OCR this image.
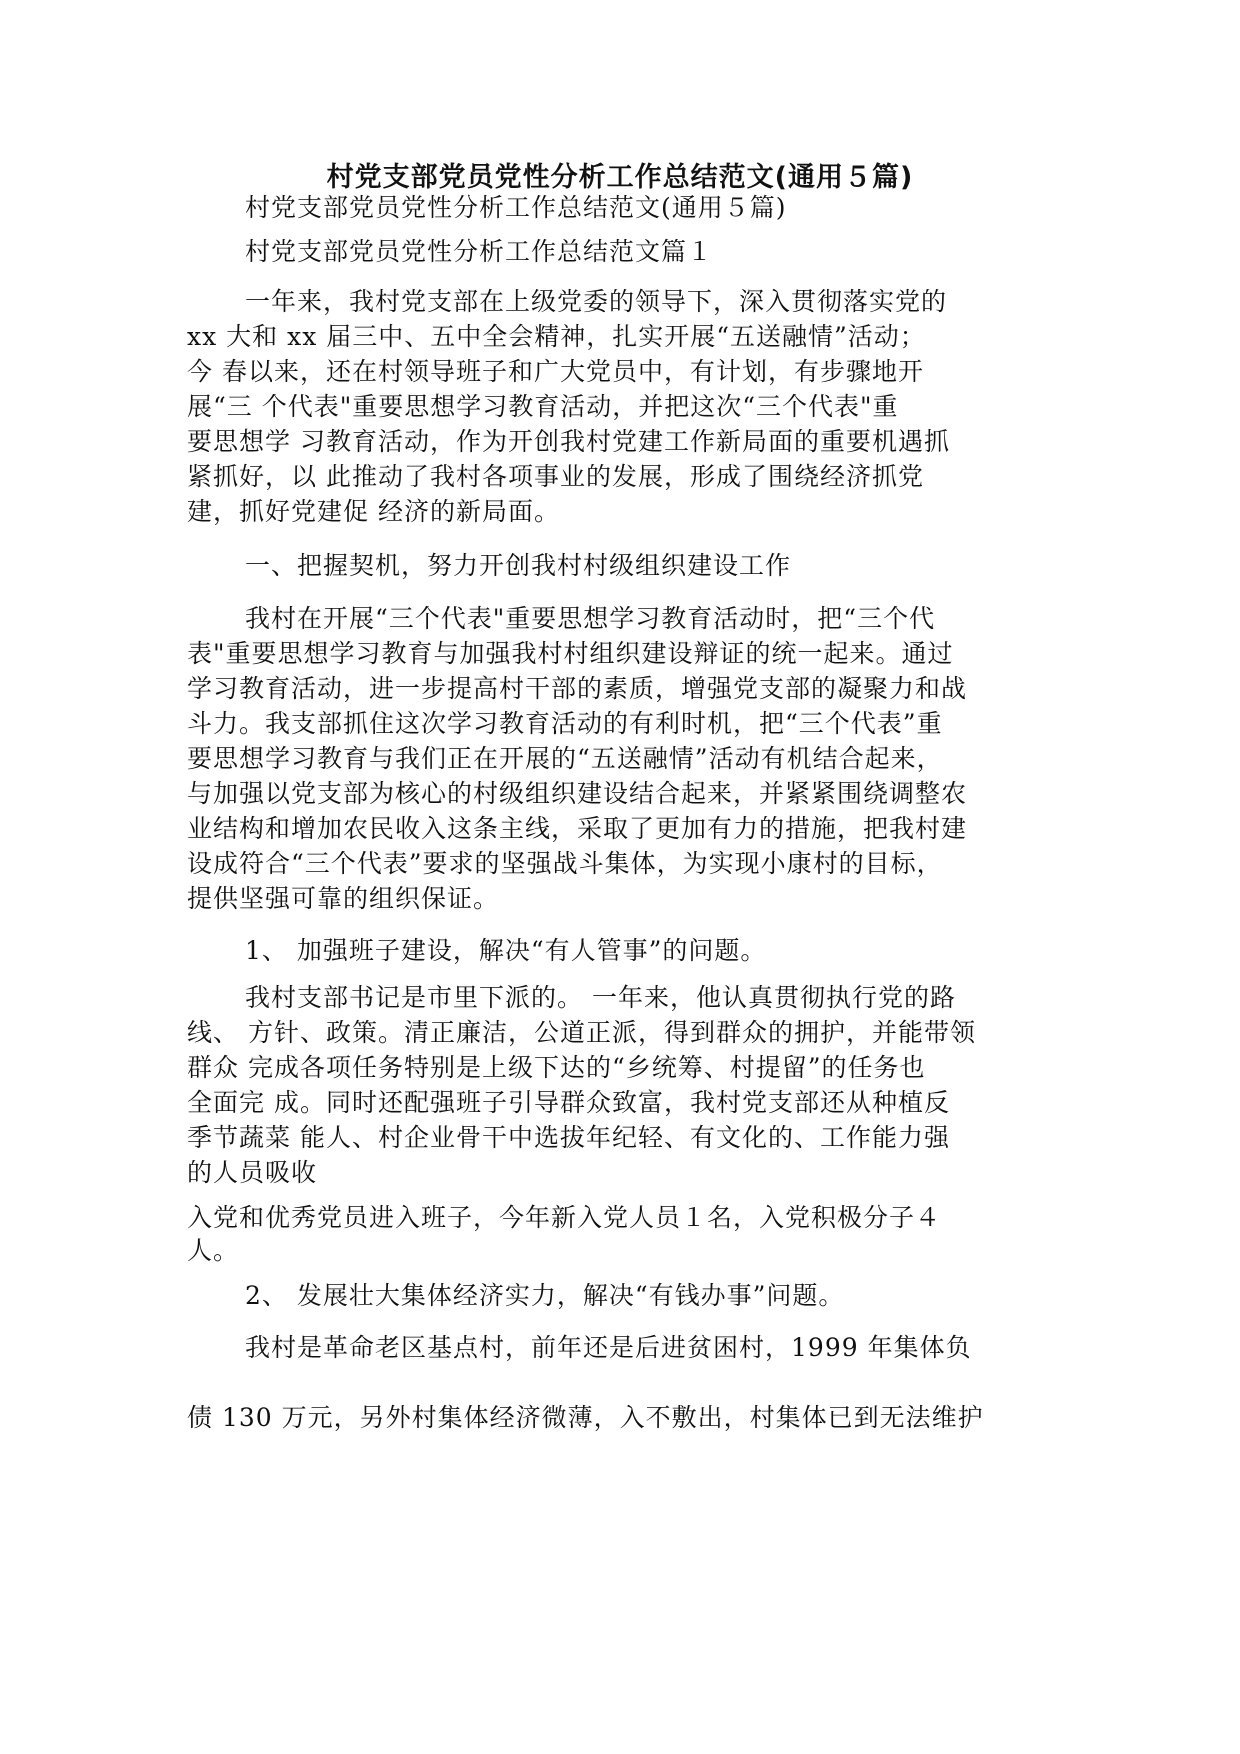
村党支部党员党性分析工作总结范文(通用５篇)
村党支部党员党性分析工作总结范文(通用５篇)
村党支部党员党性分析工作总结范文篇１
一年来，我村党支部在上级党委的领导下，深入贯彻落实党的
xx 大和 xx 届三中、五中全会精神，扎实开展“五送融情”活动；
今 春以来，还在村领导班子和广大党员中，有计划，有步骤地开
展“三 个代表"重要思想学习教育活动，并把这次“三个代表"重
要思想学 习教育活动，作为开创我村党建工作新局面的重要机遇抓
紧抓好，以 此推动了我村各项事业的发展，形成了围绕经济抓党
建，抓好党建促 经济的新局面。
一、把握契机，努力开创我村村级组织建设工作
我村在开展“三个代表"重要思想学习教育活动时，把“三个代
表"重要思想学习教育与加强我村村组织建设辩证的统一起来。通过
学习教育活动，进一步提高村干部的素质，增强党支部的凝聚力和战
斗力。我支部抓住这次学习教育活动的有利时机，把“三个代表”重
要思想学习教育与我们正在开展的“五送融情”活动有机结合起来，
与加强以党支部为核心的村级组织建设结合起来，并紧紧围绕调整农
业结构和增加农民收入这条主线，采取了更加有力的措施，把我村建
设成符合“三个代表”要求的坚强战斗集体，为实现小康村的目标，
提供坚强可靠的组织保证。
1、 加强班子建设，解决“有人管事”的问题。
我村支部书记是市里下派的。 一年来，他认真贯彻执行党的路
线、 方针、政策。清正廉洁，公道正派，得到群众的拥护，并能带领
群众 完成各项任务特别是上级下达的“乡统筹、村提留”的任务也
全面完 成。同时还配强班子引导群众致富，我村党支部还从种植反
季节蔬菜 能人、村企业骨干中选拔年纪轻、有文化的、工作能力强
的人员吸收
入党和优秀党员进入班子，今年新入党人员１名，入党积极分子４
人。
2、 发展壮大集体经济实力，解决“有钱办事”问题。
我村是革命老区基点村，前年还是后进贫困村，1999 年集体负
债 130 万元，另外村集体经济微薄，入不敷出，村集体已到无法维护
